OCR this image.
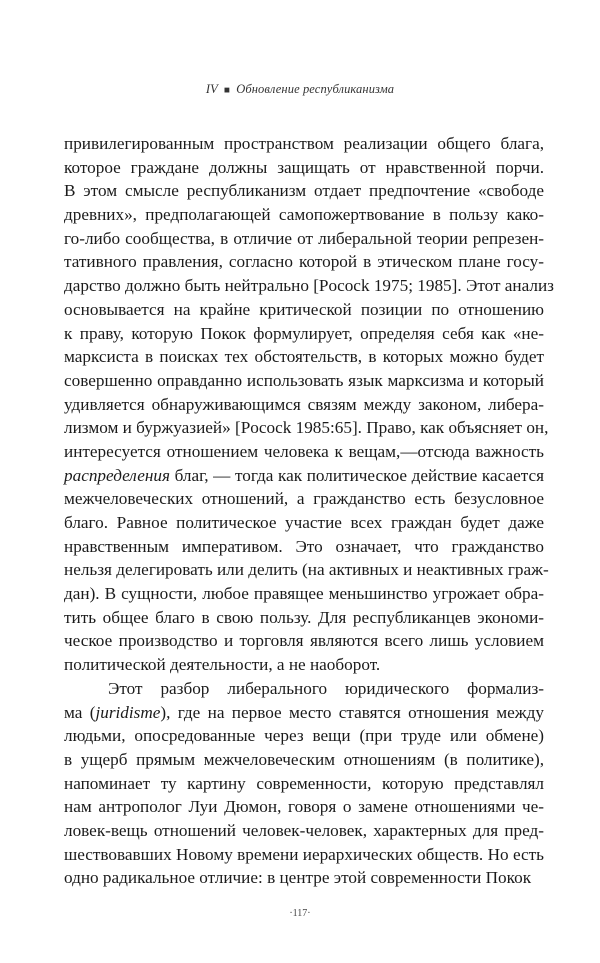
IV ■ Обновление республиканизма
привилегированным пространством реализации общего блага,
которое граждане должны защищать от нравственной порчи.
В этом смысле республиканизм отдает предпочтение «свободе
древних», предполагающей самопожертвование в пользу како-
го-либо сообщества, в отличие от либеральной теории репрезен-
тативного правления, согласно которой в этическом плане госу-
дарство должно быть нейтрально [Pocock 1975; 1985]. Этот анализ
основывается на крайне критической позиции по отношению
к праву, которую Покок формулирует, определяя себя как «не-
марксиста в поисках тех обстоятельств, в которых можно будет
совершенно оправданно использовать язык марксизма и который
удивляется обнаруживающимся связям между законом, либера-
лизмом и буржуазией» [Pocock 1985:65]. Право, как объясняет он,
интересуется отношением человека к вещам,—отсюда важность
распределения благ, — тогда как политическое действие касается
межчеловеческих отношений, а гражданство есть безусловное
благо. Равное политическое участие всех граждан будет даже
нравственным императивом. Это означает, что гражданство
нельзя делегировать или делить (на активных и неактивных граж-
дан). В сущности, любое правящее меньшинство угрожает обра-
тить общее благо в свою пользу. Для республиканцев экономи-
ческое производство и торговля являются всего лишь условием
политической деятельности, а не наоборот.
Этот разбор либерального юридического формализ-
ма (juridisme), где на первое место ставятся отношения между
людьми, опосредованные через вещи (при труде или обмене)
в ущерб прямым межчеловеческим отношениям (в политике),
напоминает ту картину современности, которую представлял
нам антрополог Луи Дюмон, говоря о замене отношениями че-
ловек-вещь отношений человек-человек, характерных для пред-
шествовавших Новому времени иерархических обществ. Но есть
одно радикальное отличие: в центре этой современности Покок
·117·
